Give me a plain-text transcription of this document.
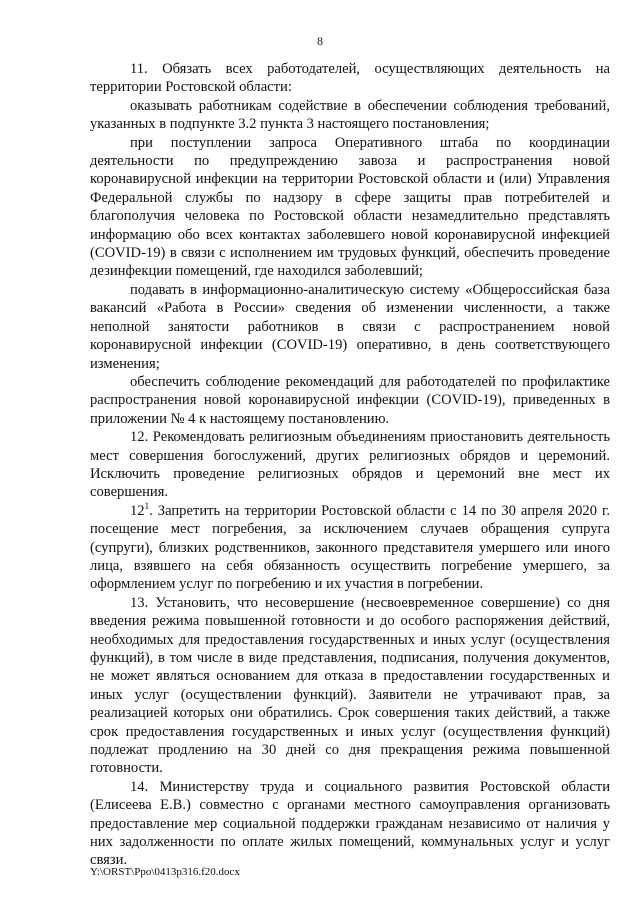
8

11. Обязать всех работодателей, осуществляющих деятельность на территории Ростовской области:

оказывать работникам содействие в обеспечении соблюдения требований, указанных в подпункте 3.2 пункта 3 настоящего постановления;

при поступлении запроса Оперативного штаба по координации деятельности по предупреждению завоза и распространения новой коронавирусной инфекции на территории Ростовской области и (или) Управления Федеральной службы по надзору в сфере защиты прав потребителей и благополучия человека по Ростовской области незамедлительно представлять информацию обо всех контактах заболевшего новой коронавирусной инфекцией (COVID-19) в связи с исполнением им трудовых функций, обеспечить проведение дезинфекции помещений, где находился заболевший;

подавать в информационно-аналитическую систему «Общероссийская база вакансий «Работа в России» сведения об изменении численности, а также неполной занятости работников в связи с распространением новой коронавирусной инфекции (COVID-19) оперативно, в день соответствующего изменения;

обеспечить соблюдение рекомендаций для работодателей по профилактике распространения новой коронавирусной инфекции (COVID-19), приведенных в приложении № 4 к настоящему постановлению.

12. Рекомендовать религиозным объединениям приостановить деятельность мест совершения богослужений, других религиозных обрядов и церемоний. Исключить проведение религиозных обрядов и церемоний вне мест их совершения.

$12^1$. Запретить на территории Ростовской области с 14 по 30 апреля 2020 г. посещение мест погребения, за исключением случаев обращения супруга (супруги), близких родственников, законного представителя умершего или иного лица, взявшего на себя обязанность осуществить погребение умершего, за оформлением услуг по погребению и их участия в погребении.

13. Установить, что несовершение (несвоевременное совершение) со дня введения режима повышенной готовности и до особого распоряжения действий, необходимых для предоставления государственных и иных услуг (осуществления функций), в том числе в виде представления, подписания, получения документов, не может являться основанием для отказа в предоставлении государственных и иных услуг (осуществлении функций). Заявители не утрачивают прав, за реализацией которых они обратились. Срок совершения таких действий, а также срок предоставления государственных и иных услуг (осуществления функций) подлежат продлению на 30 дней со дня прекращения режима повышенной готовности.

14. Министерству труда и социального развития Ростовской области (Елисеева Е.В.) совместно с органами местного самоуправления организовать предоставление мер социальной поддержки гражданам независимо от наличия у них задолженности по оплате жилых помещений, коммунальных услуг и услуг связи.

Y:\ORST\Ppo\0413p316.f20.docx
